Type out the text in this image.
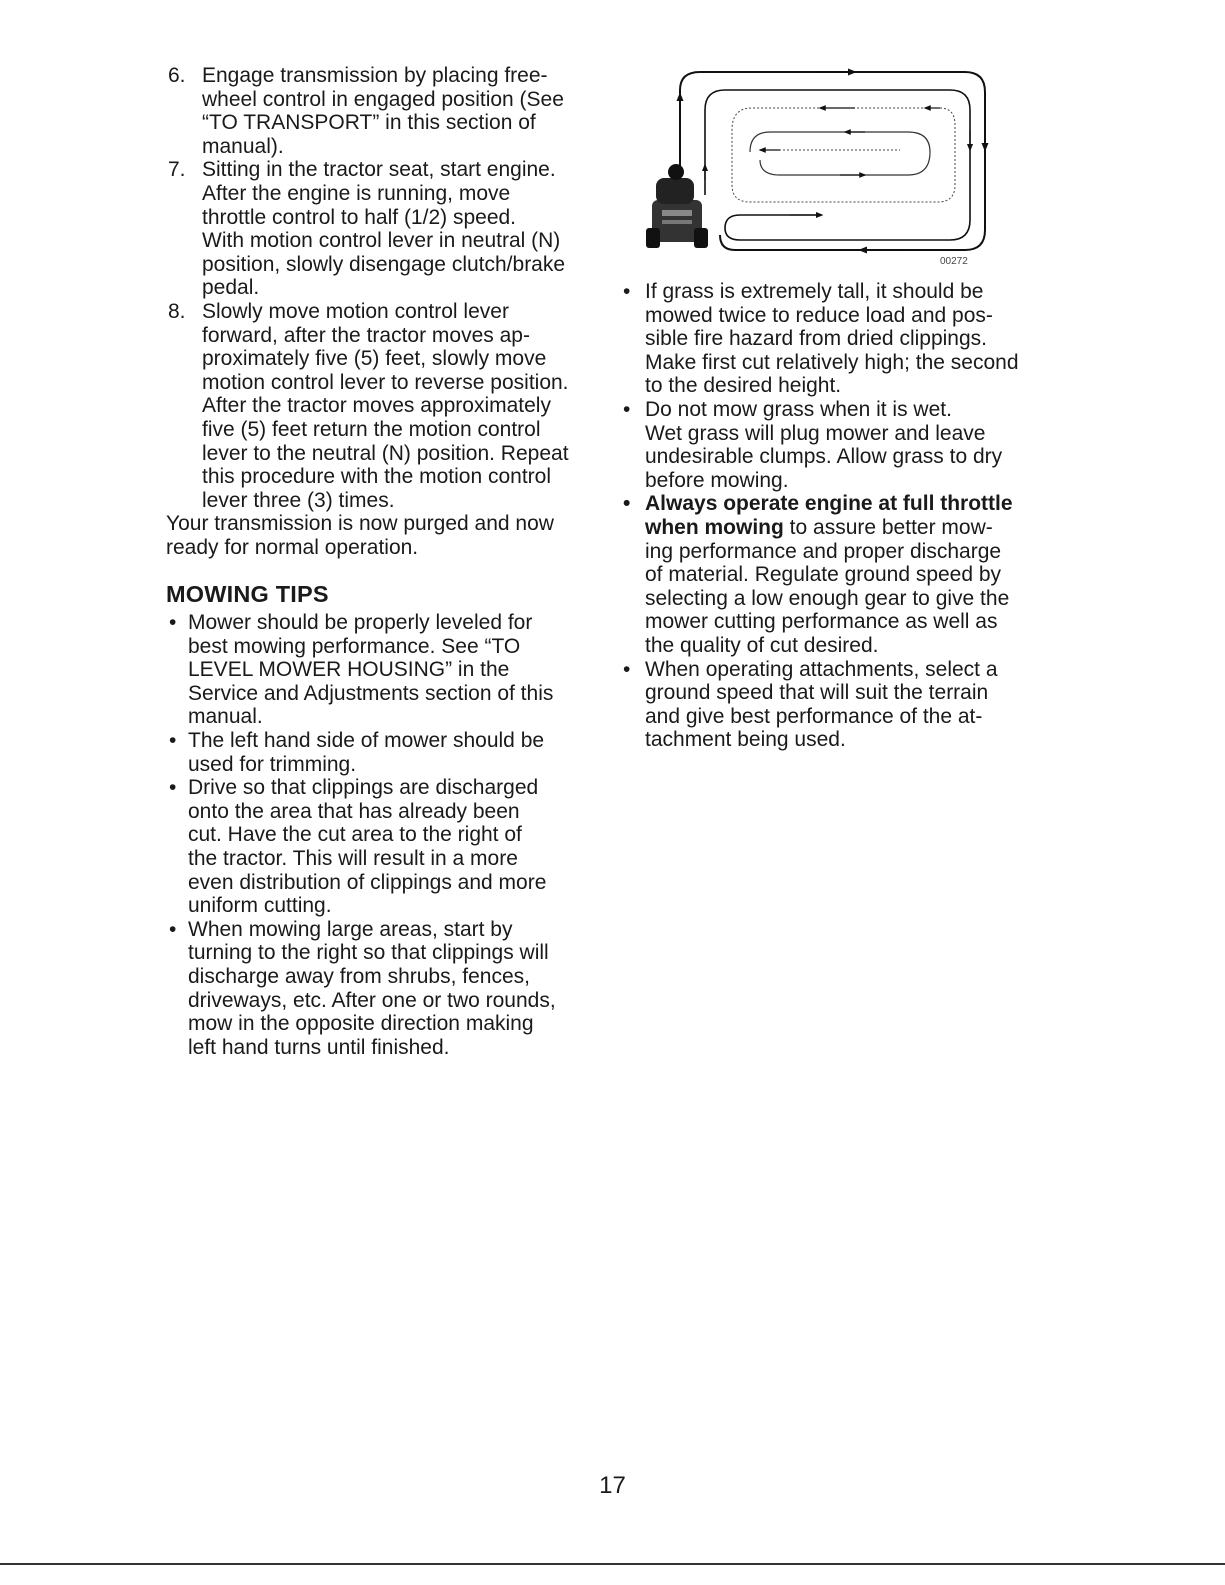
6. Engage transmission by placing free-
wheel control in engaged position (See
“TO TRANSPORT” in this section of
manual).
7. Sitting in the tractor seat, start engine.
After the engine is running, move
throttle control to half (1/2) speed.
With motion control lever in neutral (N)
position, slowly disengage clutch/brake
pedal.
8. Slowly move motion control lever
forward, after the tractor moves ap-
proximately five (5) feet, slowly move
motion control lever to reverse position.
After the tractor moves approximately
five (5) feet return the motion control
lever to the neutral (N) position. Repeat
this procedure with the motion control
lever three (3) times.
Your transmission is now purged and now
ready for normal operation.
MOWING TIPS
• Mower should be properly leveled for
best mowing performance. See “TO
LEVEL MOWER HOUSING” in the
Service and Adjustments section of this
manual.
• The left hand side of mower should be
used for trimming.
• Drive so that clippings are discharged
onto the area that has already been
cut. Have the cut area to the right of
the tractor. This will result in a more
even distribution of clippings and more
uniform cutting.
• When mowing large areas, start by
turning to the right so that clippings will
discharge away from shrubs, fences,
driveways, etc. After one or two rounds,
mow in the opposite direction making
left hand turns until finished.
00272
• If grass is extremely tall, it should be
mowed twice to reduce load and pos-
sible fire hazard from dried clippings.
Make first cut relatively high; the second
to the desired height.
• Do not mow grass when it is wet.
Wet grass will plug mower and leave
undesirable clumps. Allow grass to dry
before mowing.
• Always operate engine at full throttle
when mowing to assure better mow-
ing performance and proper discharge
of material. Regulate ground speed by
selecting a low enough gear to give the
mower cutting performance as well as
the quality of cut desired.
• When operating attachments, select a
ground speed that will suit the terrain
and give best performance of the at-
tachment being used.
17
